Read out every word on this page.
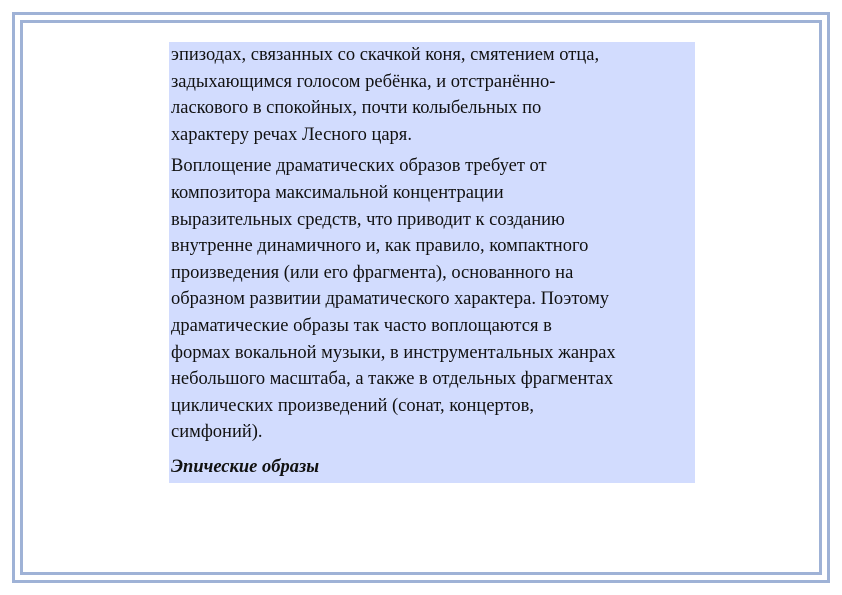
эпизодах, связанных со скачкой коня, смятением отца,
задыхающимся голосом ребёнка, и отстранённо-
ласкового в спокойных, почти колыбельных по
характеру речах Лесного царя.

Воплощение драматических образов требует от
композитора максимальной концентрации
выразительных средств, что приводит к созданию
внутренне динамичного и, как правило, компактного
произведения (или его фрагмента), основанного на
образном развитии драматического характера. Поэтому
драматические образы так часто воплощаются в
формах вокальной музыки, в инструментальных жанрах
небольшого масштаба, а также в отдельных фрагментах
циклических произведений (сонат, концертов,
симфоний).

Эпические образы
